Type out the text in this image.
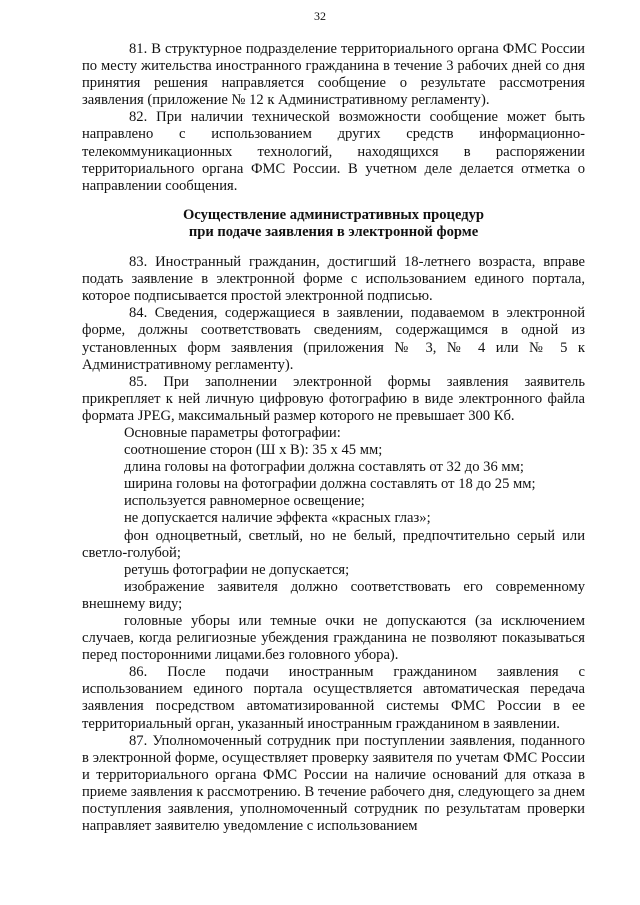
32

81. В структурное подразделение территориального органа ФМС России по месту жительства иностранного гражданина в течение 3 рабочих дней со дня принятия решения направляется сообщение о результате рассмотрения заявления (приложение № 12 к Административному регламенту).

82. При наличии технической возможности сообщение может быть направлено с использованием других средств информационно-телекоммуникационных технологий, находящихся в распоряжении территориального органа ФМС России. В учетном деле делается отметка о направлении сообщения.

Осуществление административных процедур
при подаче заявления в электронной форме

83. Иностранный гражданин, достигший 18-летнего возраста, вправе подать заявление в электронной форме с использованием единого портала, которое подписывается простой электронной подписью.

84. Сведения, содержащиеся в заявлении, подаваемом в электронной форме, должны соответствовать сведениям, содержащимся в одной из установленных форм заявления (приложения № 3, № 4 или № 5 к Административному регламенту).

85. При заполнении электронной формы заявления заявитель прикрепляет к ней личную цифровую фотографию в виде электронного файла формата JPEG, максимальный размер которого не превышает 300 Кб.

Основные параметры фотографии:

соотношение сторон (Ш х В): 35 х 45 мм;

длина головы на фотографии должна составлять от 32 до 36 мм;

ширина головы на фотографии должна составлять от 18 до 25 мм;

используется равномерное освещение;

не допускается наличие эффекта «красных глаз»;

фон одноцветный, светлый, но не белый, предпочтительно серый или светло-голубой;

ретушь фотографии не допускается;

изображение заявителя должно соответствовать его современному внешнему виду;

головные уборы или темные очки не допускаются (за исключением случаев, когда религиозные убеждения гражданина не позволяют показываться перед посторонними лицами.без головного убора).

86. После подачи иностранным гражданином заявления с использованием единого портала осуществляется автоматическая передача заявления посредством автоматизированной системы ФМС России в ее территориальный орган, указанный иностранным гражданином в заявлении.

87. Уполномоченный сотрудник при поступлении заявления, поданного в электронной форме, осуществляет проверку заявителя по учетам ФМС России и территориального органа ФМС России на наличие оснований для отказа в приеме заявления к рассмотрению. В течение рабочего дня, следующего за днем поступления заявления, уполномоченный сотрудник по результатам проверки направляет заявителю уведомление с использованием
